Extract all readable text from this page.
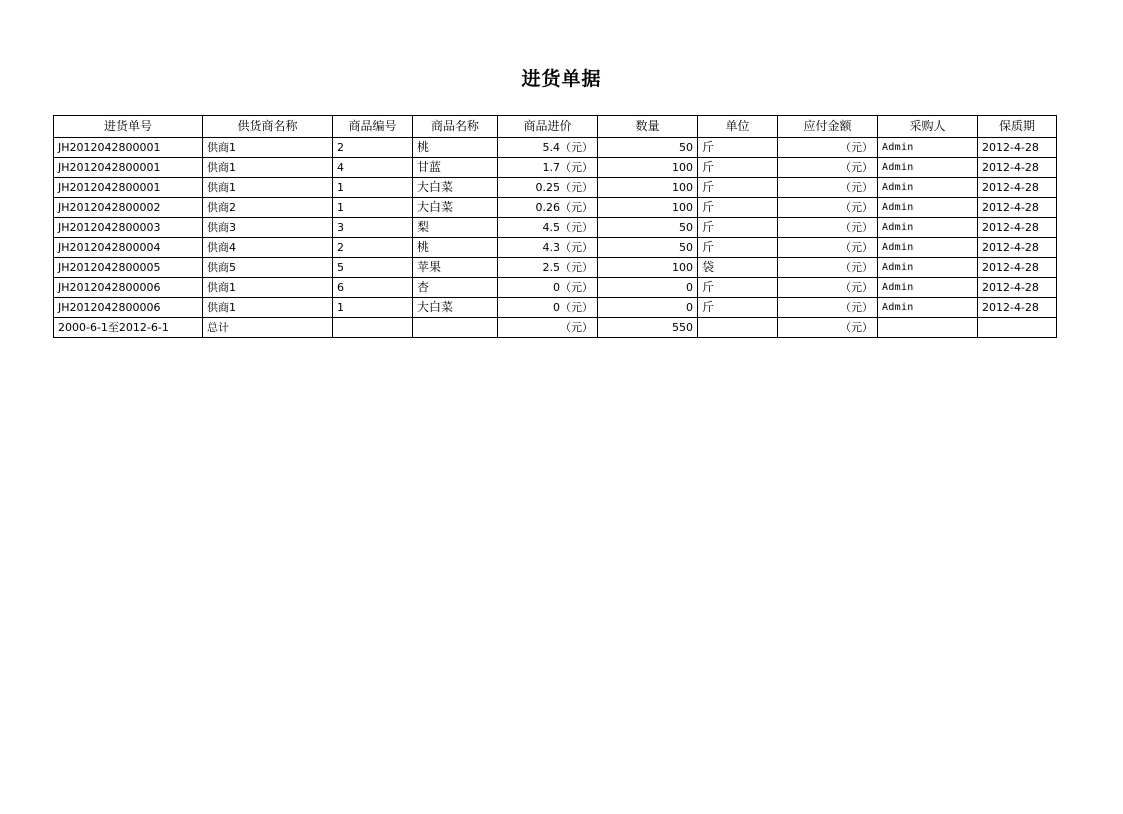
进货单据
进货单号	供货商名称	商品编号	商品名称	商品进价	数量	单位	应付金额	采购人	保质期
JH2012042800001	供商1	2	桃	5.4（元）	50	斤	（元）	Admin	2012-4-28
JH2012042800001	供商1	4	甘蓝	1.7（元）	100	斤	（元）	Admin	2012-4-28
JH2012042800001	供商1	1	大白菜	0.25（元）	100	斤	（元）	Admin	2012-4-28
JH2012042800002	供商2	1	大白菜	0.26（元）	100	斤	（元）	Admin	2012-4-28
JH2012042800003	供商3	3	梨	4.5（元）	50	斤	（元）	Admin	2012-4-28
JH2012042800004	供商4	2	桃	4.3（元）	50	斤	（元）	Admin	2012-4-28
JH2012042800005	供商5	5	苹果	2.5（元）	100	袋	（元）	Admin	2012-4-28
JH2012042800006	供商1	6	杏	0（元）	0	斤	（元）	Admin	2012-4-28
JH2012042800006	供商1	1	大白菜	0（元）	0	斤	（元）	Admin	2012-4-28
2000-6-1至2012-6-1	总计			（元）	550		（元）		
